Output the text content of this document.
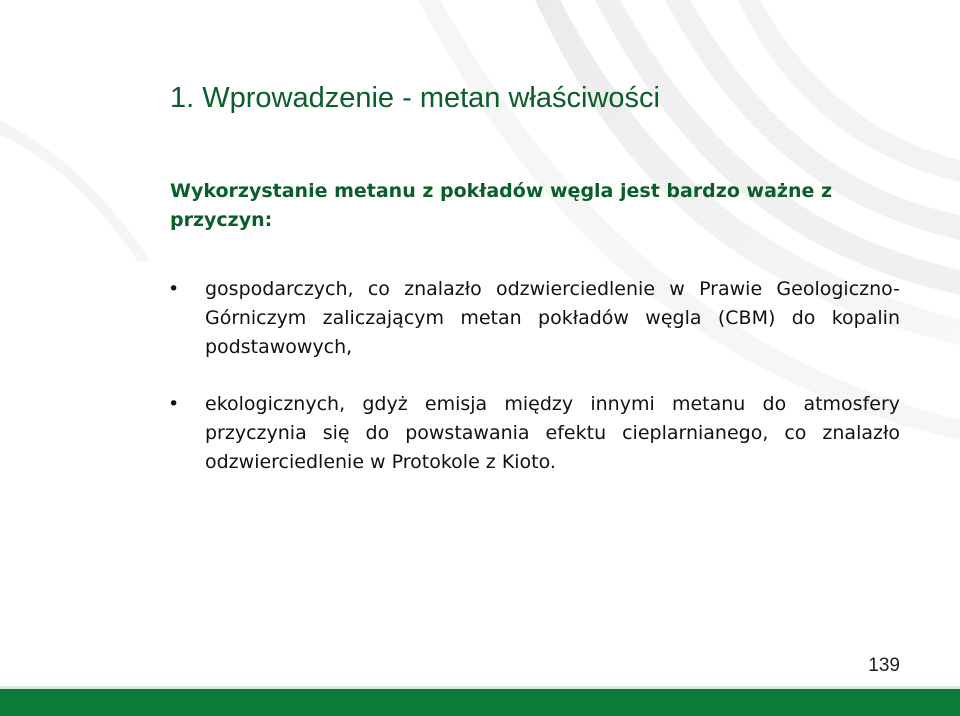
1. Wprowadzenie - metan właściwości

Wykorzystanie metanu z pokładów węgla jest bardzo ważne z przyczyn:

• gospodarczych, co znalazło odzwierciedlenie w Prawie Geologiczno-Górniczym zaliczającym metan pokładów węgla (CBM) do kopalin podstawowych,
• ekologicznych, gdyż emisja między innymi metanu do atmosfery przyczynia się do powstawania efektu cieplarnianego, co znalazło odzwierciedlenie w Protokole z Kioto.
139
